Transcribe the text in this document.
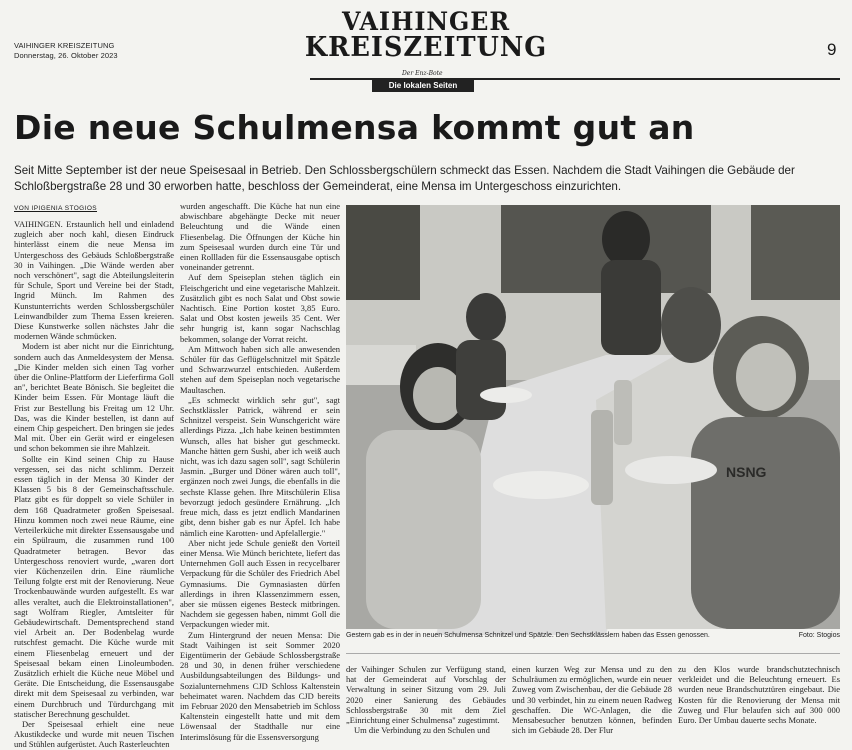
VAIHINGER KREISZEITUNG
Donnerstag, 26. Oktober 2023
VAIHINGER
KREISZEITUNG
Der Enz-Bote
9
Die lokalen Seiten
Die neue Schulmensa kommt gut an
Seit Mitte September ist der neue Speisesaal in Betrieb. Den Schlossbergschülern schmeckt das Essen. Nachdem die Stadt Vaihingen die Gebäude der Schloßbergstraße 28 und 30 erworben hatte, beschloss der Gemeinderat, eine Mensa im Untergeschoss einzurichten.
VON IPIGENIA STOGIOS

VAIHINGEN. Erstaunlich hell und einladend zugleich aber noch kahl, diesen Eindruck hinterlässt einem die neue Mensa im Untergeschoss des Gebäuds Schloßbergstraße 30 in Vaihingen. „Die Wände werden aber noch verschönert", sagt die Abteilungsleiterin für Schule, Sport und Vereine bei der Stadt, Ingrid Münch. Im Rahmen des Kunstunterrichts werden Schlossbergschüler Leinwandbilder zum Thema Essen kreieren. Diese Kunstwerke sollen nächstes Jahr die modernen Wände schmücken.

Modern ist aber nicht nur die Einrichtung, sondern auch das Anmeldesystem der Mensa. „Die Kinder melden sich einen Tag vorher über die Online-Plattform der Lieferfirma Goll an", berichtet Beate Bönisch. Sie begleitet die Kinder beim Essen. Für Montage läuft die Frist zur Bestellung bis Freitag um 12 Uhr. Das, was die Kinder bestellen, ist dann auf einem Chip gespeichert. Den bringen sie jedes Mal mit. Über ein Gerät wird er eingelesen und schon bekommen sie ihre Mahlzeit.

Sollte ein Kind seinen Chip zu Hause vergessen, sei das nicht schlimm. Derzeit essen täglich in der Mensa 30 Kinder der Klassen 5 bis 8 der Gemeinschaftsschule. Platz gibt es für doppelt so viele Schüler in dem 168 Quadratmeter großen Speisesaal. Hinzu kommen noch zwei neue Räume, eine Verteilerküche mit direkter Essensausgabe und ein Spülraum, die zusammen rund 100 Quadratmeter betragen. Bevor das Untergeschoss renoviert wurde, „waren dort vier Küchenzeilen drin. Eine räumliche Teilung folgte erst mit der Renovierung. Neue Trockenbauwände wurden aufgestellt. Es war alles veraltet, auch die Elektroinstallationen", sagt Wolfram Riegler, Amtsleiter für Gebäudewirtschaft. Dementsprechend stand viel Arbeit an. Der Bodenbelag wurde rutschfest gemacht. Die Küche wurde mit einem Fliesenbelag erneuert und der Speisesaal bekam einen Linoleumboden. Zusätzlich erhielt die Küche neue Möbel und Geräte. Die Entscheidung, die Essensausgabe direkt mit dem Speisesaal zu verbinden, war einem Durchbruch und Türdurchgang mit statischer Berechnung geschuldet.

Der Speisesaal erhielt eine neue Akustikdecke und wurde mit neuen Tischen und Stühlen aufgerüstet. Auch Rasterleuchten

wurden angeschafft. Die Küche hat nun eine abwischbare abgehängte Decke mit neuer Beleuchtung und die Wände einen Fliesenbelag. Die Öffnungen der Küche hin zum Speisesaal wurden durch eine Tür und einen Rollladen für die Essensausgabe optisch voneinander getrennt.

Auf dem Speiseplan stehen täglich ein Fleischgericht und eine vegetarische Mahlzeit. Zusätzlich gibt es noch Salat und Obst sowie Nachtisch. Eine Portion kostet 3,85 Euro. Salat und Obst kosten jeweils 35 Cent. Wer sehr hungrig ist, kann sogar Nachschlag bekommen, solange der Vorrat reicht.

Am Mittwoch haben sich alle anwesenden Schüler für das Geflügelschnitzel mit Spätzle und Schwarzwurzel entschieden. Außerdem stehen auf dem Speiseplan noch vegetarische Maultaschen.

„Es schmeckt wirklich sehr gut", sagt Sechstklässler Patrick, während er sein Schnitzel verspeist. Sein Wunschgericht wäre allerdings Pizza. „Ich habe keinen bestimmten Wunsch, alles hat bisher gut geschmeckt. Manche hätten gern Sushi, aber ich weiß auch nicht, was ich dazu sagen soll", sagt Schülerin Jasmin. „Burger und Döner wären auch toll", ergänzen noch zwei Jungs, die ebenfalls in die sechste Klasse gehen. Ihre Mitschülerin Elisa bevorzugt jedoch gesündere Ernährung. „Ich freue mich, dass es jetzt endlich Mandarinen gibt, denn bisher gab es nur Äpfel. Ich habe nämlich eine Karotten- und Apfelallergie."

Aber nicht jede Schule genießt den Vorteil einer Mensa. Wie Münch berichtete, liefert das Unternehmen Goll auch Essen in recycelbarer Verpackung für die Schüler des Friedrich Abel Gymnasiums. Die Gymnasiasten dürfen allerdings in ihren Klassenzimmern essen, aber sie müssen eigenes Besteck mitbringen. Nachdem sie gegessen haben, nimmt Goll die Verpackungen wieder mit.

Zum Hintergrund der neuen Mensa: Die Stadt Vaihingen ist seit Sommer 2020 Eigentümerin der Gebäude Schlossbergstraße 28 und 30, in denen früher verschiedene Ausbildungsabteilungen des Bildungs- und Sozialunternehmens CJD Schloss Kaltenstein beheimatet waren. Nachdem das CJD bereits im Februar 2020 den Mensabetrieb im Schloss Kaltenstein eingestellt hatte und mit dem Löwensaal der Stadthalle nur eine Interimslösung für die Essensversorgung

NSNG
Gestern gab es in der in neuen Schulmensa Schnitzel und Spätzle. Den Sechstklässlern haben das Essen genossen.	Foto: Stogios

der Vaihinger Schulen zur Verfügung stand, hat der Gemeinderat auf Vorschlag der Verwaltung in seiner Sitzung vom 29. Juli 2020 einer Sanierung des Gebäudes Schlossbergstraße 30 mit dem Ziel „Einrichtung einer Schulmensa" zugestimmt.

Um die Verbindung zu den Schulen und

einen kurzen Weg zur Mensa und zu den Schulräumen zu ermöglichen, wurde ein neuer Zuweg vom Zwischenbau, der die Gebäude 28 und 30 verbindet, hin zu einem neuen Radweg geschaffen. Die WC-Anlagen, die die Mensabesucher benutzen können, befinden sich im Gebäude 28. Der Flur

zu den Klos wurde brandschutztechnisch verkleidet und die Beleuchtung erneuert. Es wurden neue Brandschutztüren eingebaut. Die Kosten für die Renovierung der Mensa mit Zuweg und Flur belaufen sich auf 300 000 Euro. Der Umbau dauerte sechs Monate.
